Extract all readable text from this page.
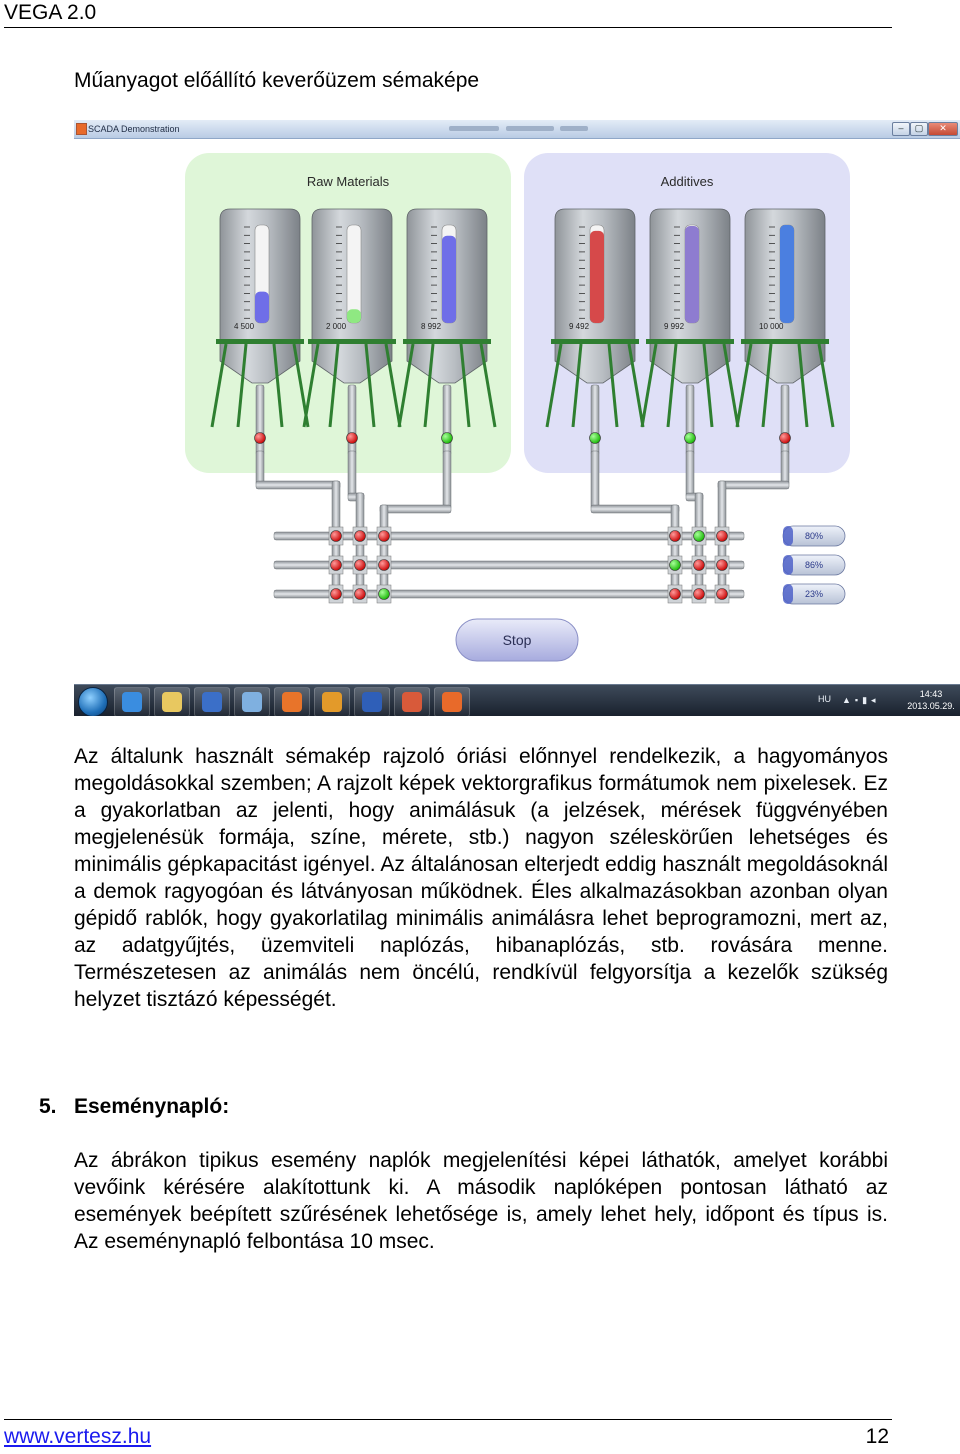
VEGA 2.0
Műanyagot előállító keverőüzem sémaképe
SCADA Demonstration	‒	▢	✕
Raw Materials	Additives
4 500	2 000	8 992	9 492	9 992	10 000
80%
86%
23%
Stop
HU ▲▪▮◂
14:43
2013.05.29.

Az általunk használt sémakép rajzoló óriási előnnyel rendelkezik, a hagyományos megoldásokkal szemben; A rajzolt képek vektorgrafikus formátumok nem pixelesek. Ez a gyakorlatban az jelenti, hogy animálásuk (a jelzések, mérések függvényében megjelenésük formája, színe, mérete, stb.) nagyon széleskörűen lehetséges és minimális gépkapacitást igényel. Az általánosan elterjedt eddig használt megoldásoknál a demok ragyogóan és látványosan működnek. Éles alkalmazásokban azonban olyan gépidő rablók, hogy gyakorlatilag minimális animálásra lehet beprogramozni, mert az, az adatgyűjtés, üzemviteli naplózás, hibanaplózás, stb. rovására menne. Természetesen az animálás nem öncélú, rendkívül felgyorsítja a kezelők szükség helyzet tisztázó képességét.

5. Eseménynapló:

Az ábrákon tipikus esemény naplók megjelenítési képei láthatók, amelyet korábbi vevőink kérésére alakítottunk ki. A második naplóképen pontosan látható az események beépített szűrésének lehetősége is, amely lehet hely, időpont és típus is. Az eseménynapló felbontása 10 msec.

www.vertesz.hu	12
